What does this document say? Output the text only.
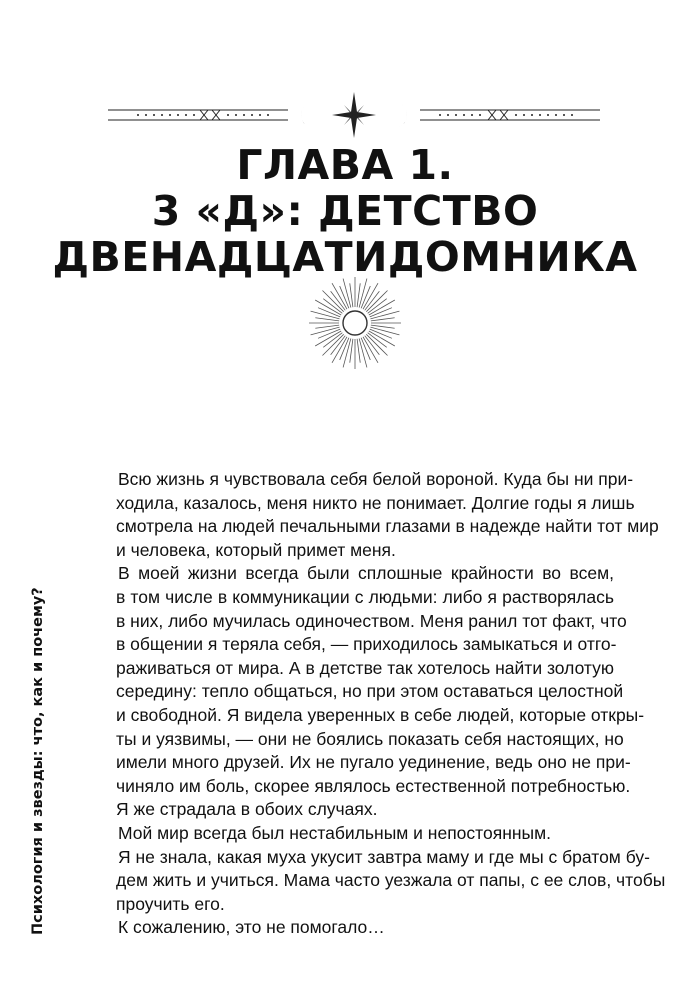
ГЛАВА 1.
3 «Д»: ДЕТСТВО
ДВЕНАДЦАТИДОМНИКА
Всю жизнь я чувствовала себя белой вороной. Куда бы ни при-
ходила, казалось, меня никто не понимает. Долгие годы я лишь
смотрела на людей печальными глазами в надежде найти тот мир
и человека, который примет меня.
В моей жизни всегда были сплошные крайности во всем,
в том числе в коммуникации с людьми: либо я растворялась
в них, либо мучилась одиночеством. Меня ранил тот факт, что
в общении я теряла себя, — приходилось замыкаться и отго-
раживаться от мира. А в детстве так хотелось найти золотую
середину: тепло общаться, но при этом оставаться целостной
и свободной. Я видела уверенных в себе людей, которые откры-
ты и уязвимы, — они не боялись показать себя настоящих, но
имели много друзей. Их не пугало уединение, ведь оно не при-
чиняло им боль, скорее являлось естественной потребностью.
Я же страдала в обоих случаях.
Мой мир всегда был нестабильным и непостоянным.
Я не знала, какая муха укусит завтра маму и где мы с братом бу-
дем жить и учиться. Мама часто уезжала от папы, с ее слов, чтобы
проучить его.
К сожалению, это не помогало…
Психология и звезды: что, как и почему?
